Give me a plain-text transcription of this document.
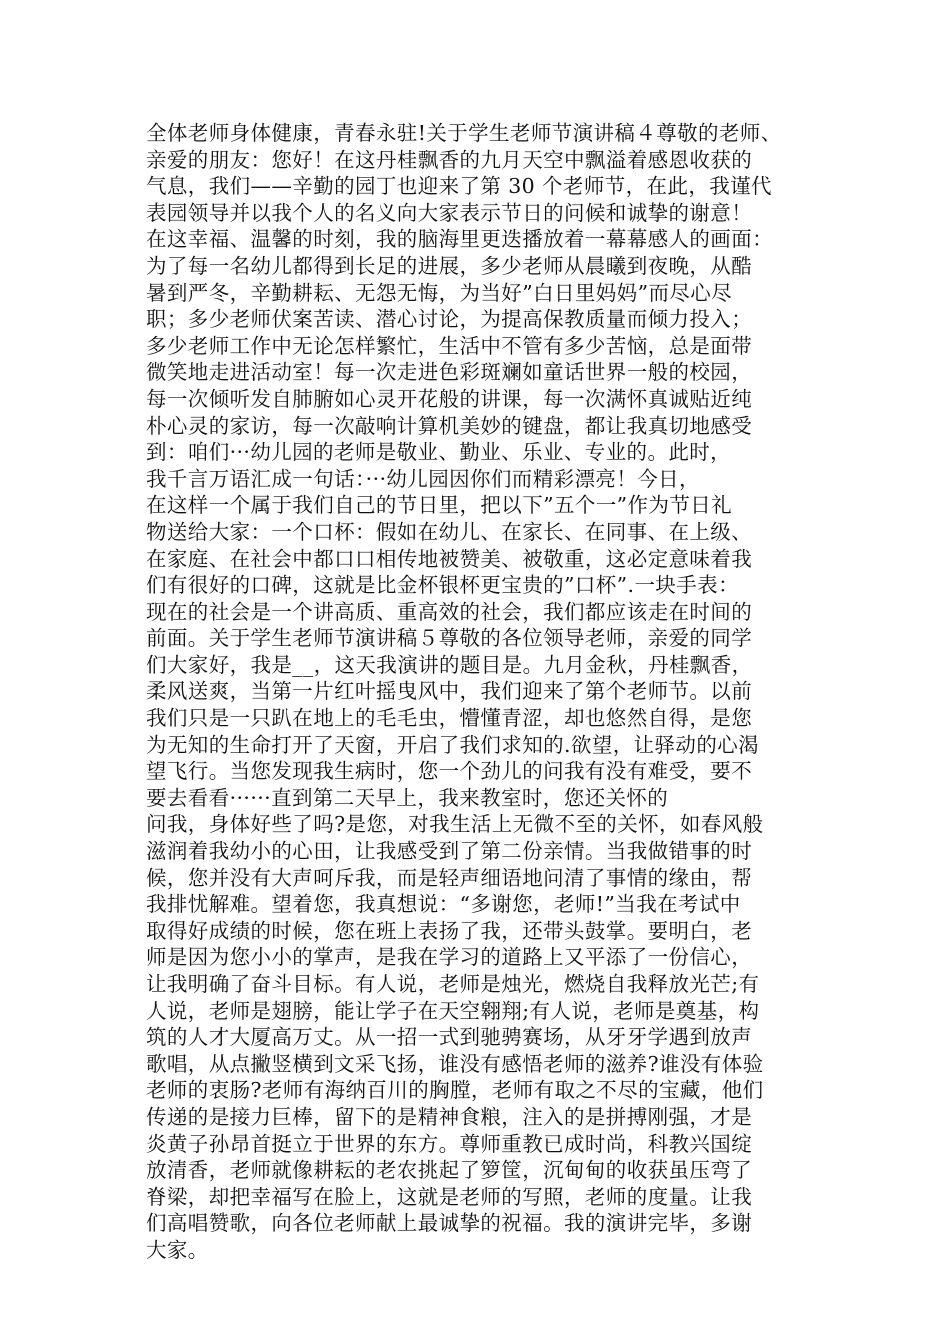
全体老师身体健康，青春永驻!关于学生老师节演讲稿４尊敬的老师、
亲爱的朋友：您好！在这丹桂飘香的九月天空中飘溢着感恩收获的
气息，我们——辛勤的园丁也迎来了第 30 个老师节，在此，我谨代
表园领导并以我个人的名义向大家表示节日的问候和诚挚的谢意！
在这幸福、温馨的时刻，我的脑海里更迭播放着一幕幕感人的画面：
为了每一名幼儿都得到长足的进展，多少老师从晨曦到夜晚，从酷
暑到严冬，辛勤耕耘、无怨无悔，为当好”白日里妈妈”而尽心尽
职；多少老师伏案苦读、潜心讨论，为提高保教质量而倾力投入；
多少老师工作中无论怎样繁忙，生活中不管有多少苦恼，总是面带
微笑地走进活动室！每一次走进色彩斑斓如童话世界一般的校园，
每一次倾听发自肺腑如心灵开花般的讲课，每一次满怀真诚贴近纯
朴心灵的家访，每一次敲响计算机美妙的键盘，都让我真切地感受
到：咱们···幼儿园的老师是敬业、勤业、乐业、专业的。此时，
我千言万语汇成一句话：···幼儿园因你们而精彩漂亮！今日，
在这样一个属于我们自己的节日里，把以下”五个一”作为节日礼
物送给大家：一个口杯：假如在幼儿、在家长、在同事、在上级、
在家庭、在社会中都口口相传地被赞美、被敬重，这必定意味着我
们有很好的口碑，这就是比金杯银杯更宝贵的”口杯”.一块手表：
现在的社会是一个讲高质、重高效的社会，我们都应该走在时间的
前面。关于学生老师节演讲稿５尊敬的各位领导老师，亲爱的同学
们大家好，我是__，这天我演讲的题目是。九月金秋，丹桂飘香，
柔风送爽，当第一片红叶摇曳风中，我们迎来了第个老师节。以前
我们只是一只趴在地上的毛毛虫，懵懂青涩，却也悠然自得，是您
为无知的生命打开了天窗，开启了我们求知的.欲望，让驿动的心渴
望飞行。当您发现我生病时，您一个劲儿的问我有没有难受，要不
要去看看······直到第二天早上，我来教室时，您还关怀的
问我，身体好些了吗?是您，对我生活上无微不至的关怀，如春风般
滋润着我幼小的心田，让我感受到了第二份亲情。当我做错事的时
候，您并没有大声呵斥我，而是轻声细语地问清了事情的缘由，帮
我排忧解难。望着您，我真想说：“多谢您，老师!”当我在考试中
取得好成绩的时候，您在班上表扬了我，还带头鼓掌。要明白，老
师是因为您小小的掌声，是我在学习的道路上又平添了一份信心，
让我明确了奋斗目标。有人说，老师是烛光，燃烧自我释放光芒;有
人说，老师是翅膀，能让学子在天空翱翔;有人说，老师是奠基，构
筑的人才大厦高万丈。从一招一式到驰骋赛场，从牙牙学遇到放声
歌唱，从点撇竖横到文采飞扬，谁没有感悟老师的滋养?谁没有体验
老师的衷肠?老师有海纳百川的胸膛，老师有取之不尽的宝藏，他们
传递的是接力巨棒，留下的是精神食粮，注入的是拼搏刚强，才是
炎黄子孙昂首挺立于世界的东方。尊师重教已成时尚，科教兴国绽
放清香，老师就像耕耘的老农挑起了箩筐，沉甸甸的收获虽压弯了
脊梁，却把幸福写在脸上，这就是老师的写照，老师的度量。让我
们高唱赞歌，向各位老师献上最诚挚的祝福。我的演讲完毕，多谢
大家。
